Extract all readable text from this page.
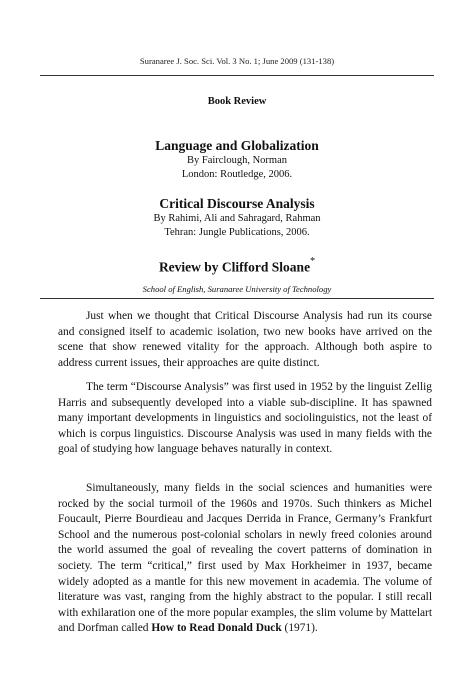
Suranaree J. Soc. Sci. Vol. 3 No. 1; June 2009 (131-138)
Book Review
Language and Globalization
By Fairclough, Norman
London: Routledge, 2006.
Critical Discourse Analysis
By Rahimi, Ali and Sahragard, Rahman
Tehran: Jungle Publications, 2006.
Review by Clifford Sloane*
School of English, Suranaree University of Technology

Just when we thought that Critical Discourse Analysis had run its course and consigned itself to academic isolation, two new books have arrived on the scene that show renewed vitality for the approach. Although both aspire to address current issues, their approaches are quite distinct.

The term “Discourse Analysis” was first used in 1952 by the linguist Zellig Harris and subsequently developed into a viable sub-discipline. It has spawned many important developments in linguistics and sociolinguistics, not the least of which is corpus linguistics. Discourse Analysis was used in many fields with the goal of studying how language behaves naturally in context.

Simultaneously, many fields in the social sciences and humanities were rocked by the social turmoil of the 1960s and 1970s. Such thinkers as Michel Foucault, Pierre Bourdieau and Jacques Derrida in France, Germany’s Frankfurt School and the numerous post-colonial scholars in newly freed colonies around the world assumed the goal of revealing the covert patterns of domination in society. The term “critical,” first used by Max Horkheimer in 1937, became widely adopted as a mantle for this new movement in academia. The volume of literature was vast, ranging from the highly abstract to the popular. I still recall with exhilaration one of the more popular examples, the slim volume by Mattelart and Dorfman called How to Read Donald Duck (1971).
